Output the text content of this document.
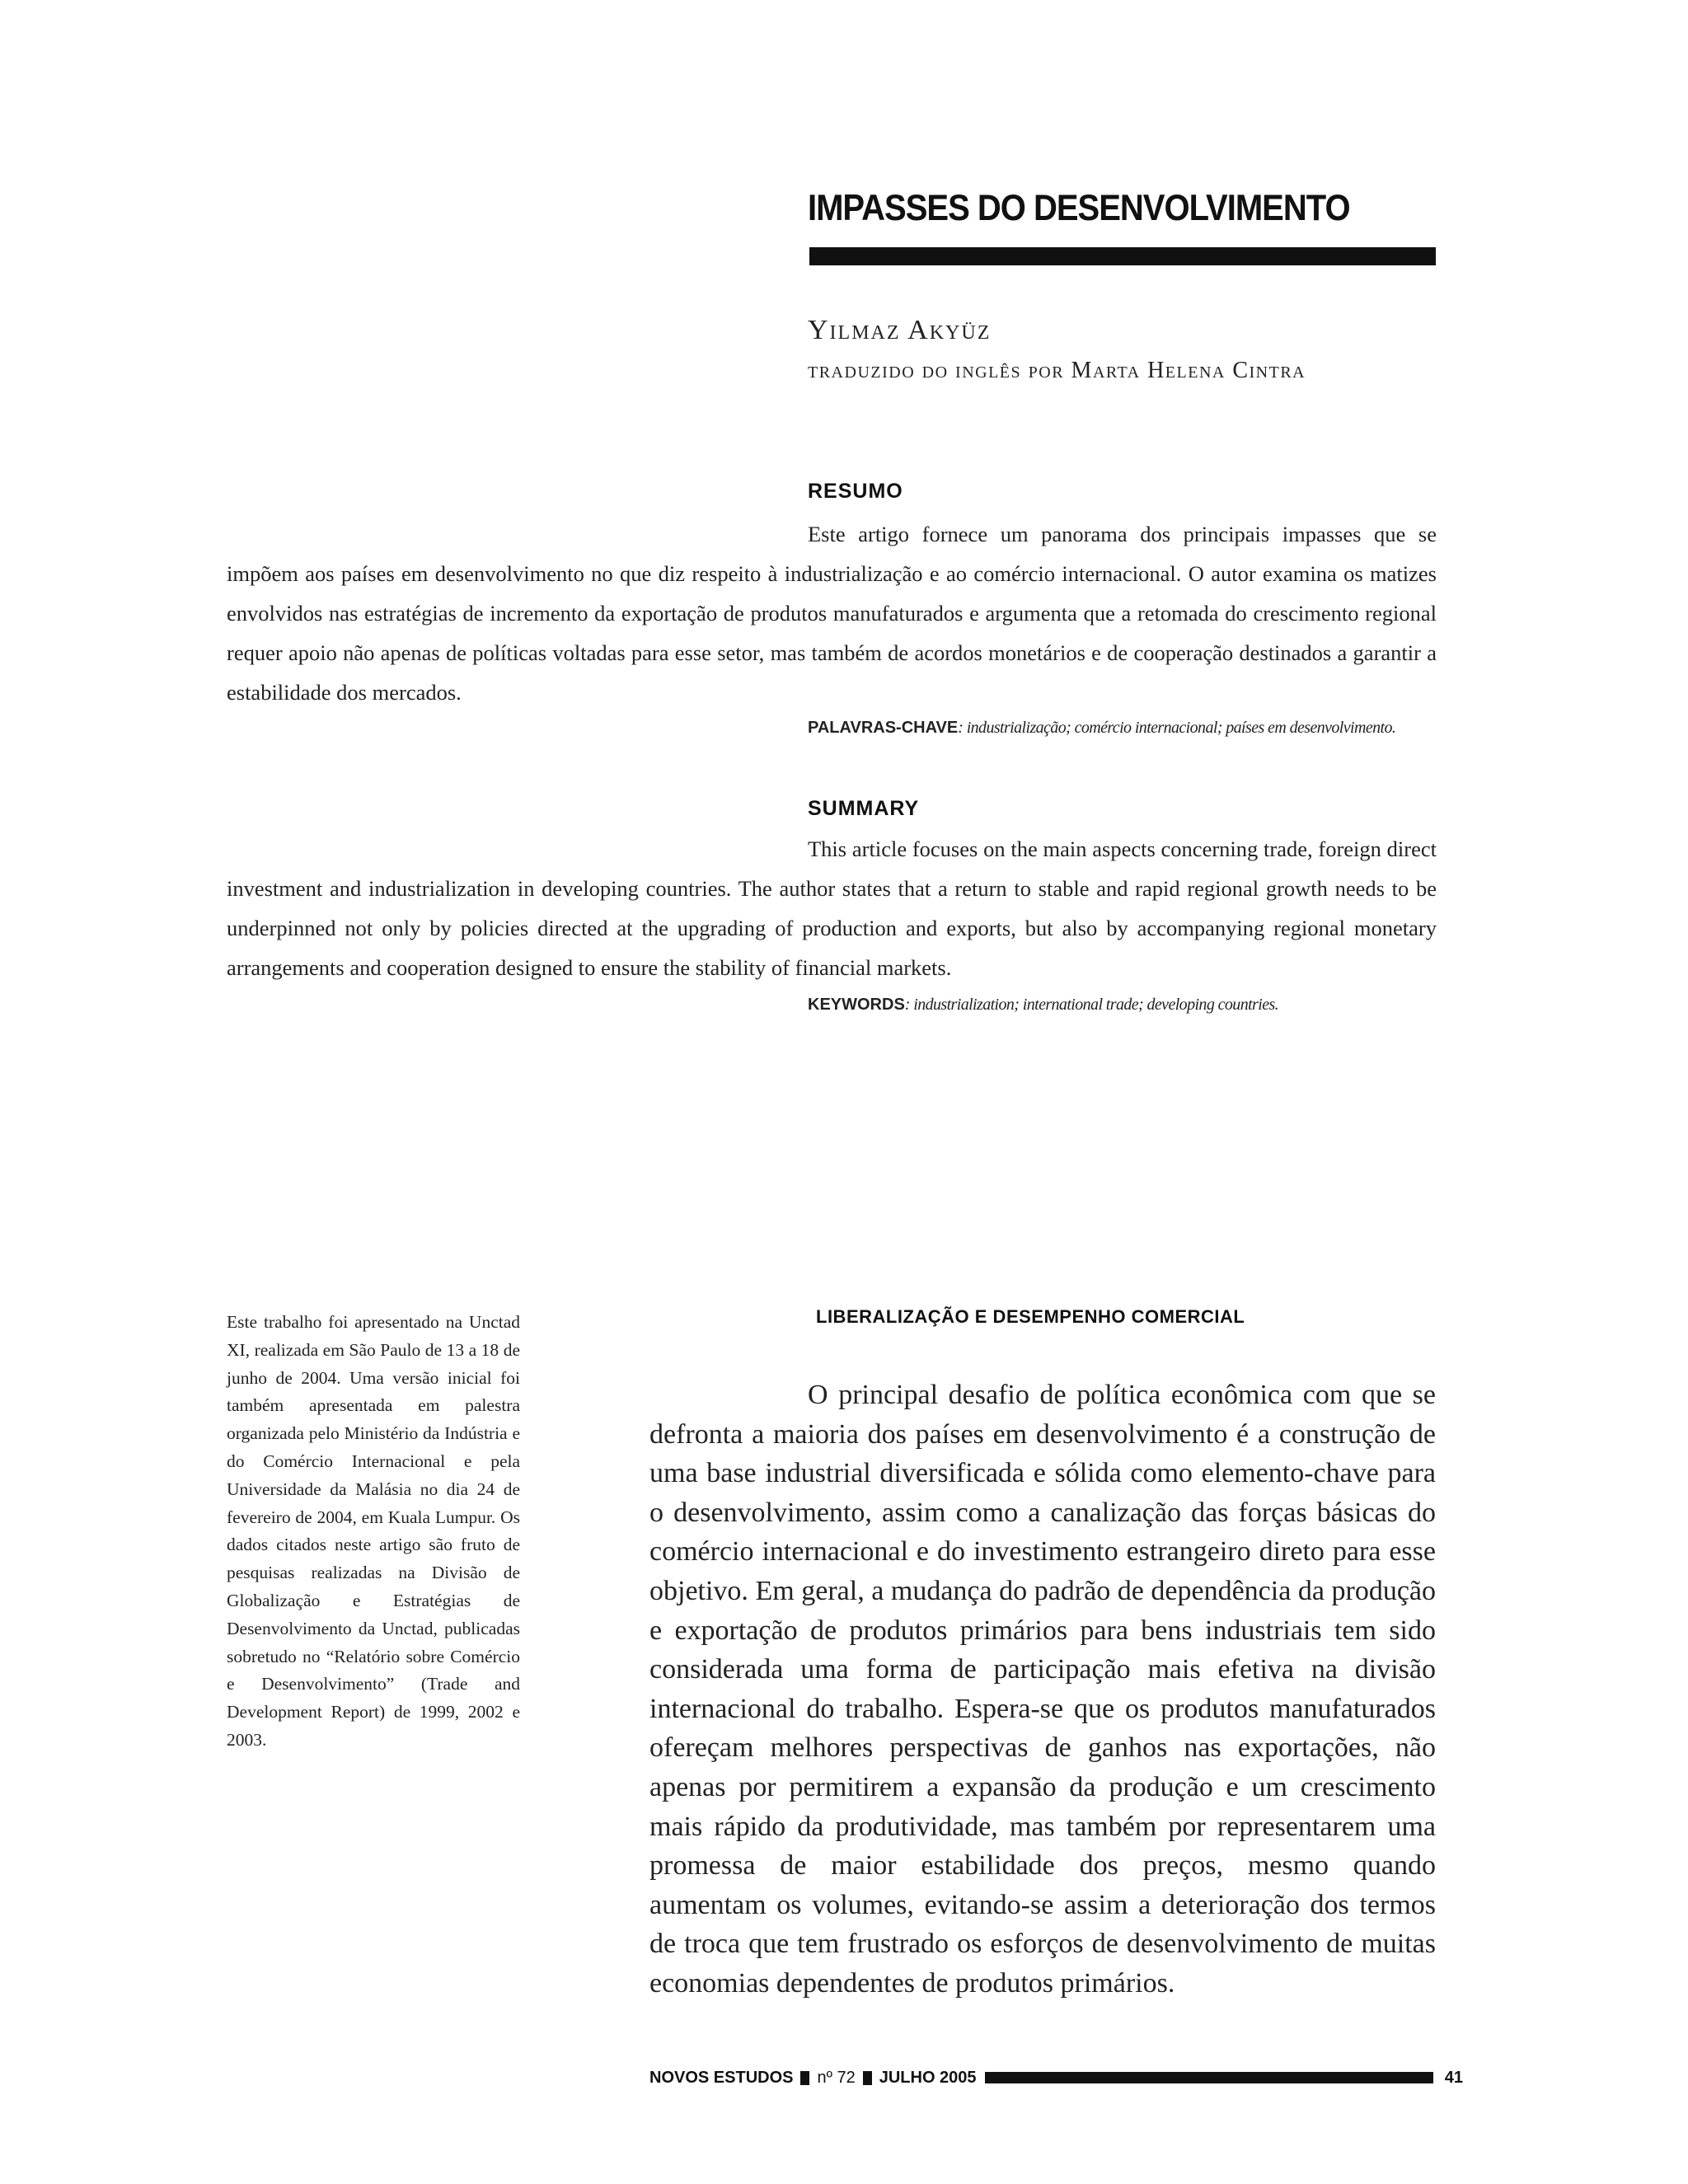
IMPASSES DO DESENVOLVIMENTO
Yilmaz Akyüz
traduzido do inglês por Marta Helena Cintra
RESUMO
Este artigo fornece um panorama dos principais impasses que se impõem aos países em desenvolvimento no que diz respeito à industrialização e ao comércio internacional. O autor examina os matizes envolvidos nas estratégias de incremento da exportação de produtos manufaturados e argumenta que a retomada do crescimento regional requer apoio não apenas de políticas voltadas para esse setor, mas também de acordos monetários e de cooperação destinados a garantir a estabilidade dos mercados.
PALAVRAS-CHAVE: industrialização; comércio internacional; países em desenvolvimento.
SUMMARY
This article focuses on the main aspects concerning trade, foreign direct investment and industrialization in developing countries. The author states that a return to stable and rapid regional growth needs to be underpinned not only by policies directed at the upgrading of production and exports, but also by accompanying regional monetary arrangements and cooperation designed to ensure the stability of financial markets.
KEYWORDS: industrialization; international trade; developing countries.
Este trabalho foi apresentado na Unctad XI, realizada em São Paulo de 13 a 18 de junho de 2004. Uma versão inicial foi também apresentada em palestra organizada pelo Ministério da Indústria e do Comércio Internacional e pela Universidade da Malásia no dia 24 de fevereiro de 2004, em Kuala Lumpur. Os dados citados neste artigo são fruto de pesquisas realizadas na Divisão de Globalização e Estratégias de Desenvolvimento da Unctad, publicadas sobretudo no “Relatório sobre Comércio e Desenvolvimento” (Trade and Development Report) de 1999, 2002 e 2003.
LIBERALIZAÇÃO E DESEMPENHO COMERCIAL
O principal desafio de política econômica com que se defronta a maioria dos países em desenvolvimento é a construção de uma base industrial diversificada e sólida como elemento-chave para o desenvolvimento, assim como a canalização das forças básicas do comércio internacional e do investimento estrangeiro direto para esse objetivo. Em geral, a mudança do padrão de dependência da produção e exportação de produtos primários para bens industriais tem sido considerada uma forma de participação mais efetiva na divisão internacional do trabalho. Espera-se que os produtos manufaturados ofereçam melhores perspectivas de ganhos nas exportações, não apenas por permitirem a expansão da produção e um crescimento mais rápido da produtividade, mas também por representarem uma promessa de maior estabilidade dos preços, mesmo quando aumentam os volumes, evitando-se assim a deterioração dos termos de troca que tem frustrado os esforços de desenvolvimento de muitas economias dependentes de produtos primários.
NOVOS ESTUDOS nº 72 JULHO 2005	41
